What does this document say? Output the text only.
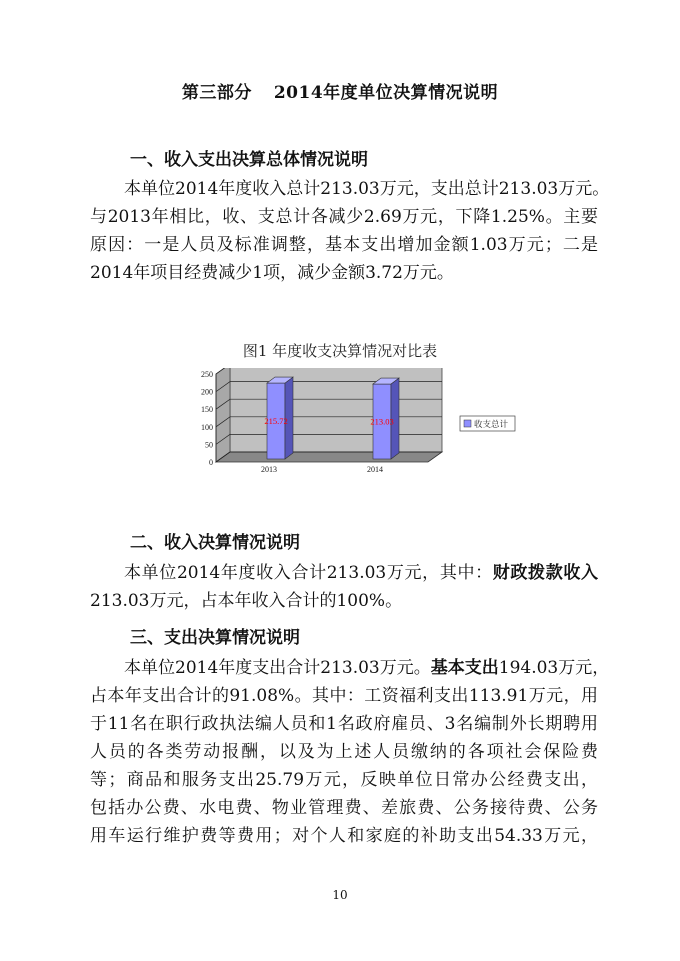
第三部分 2014年度单位决算情况说明
一、收入支出决算总体情况说明
本单位2014年度收入总计213.03万元，支出总计213.03万元。
与2013年相比，收、支总计各减少2.69万元，下降1.25%。主要
原因：一是人员及标准调整，基本支出增加金额1.03万元；二是
2014年项目经费减少1项，减少金额3.72万元。
图1 年度收支决算情况对比表
0
50
100
150
200
250
215.72
2013
213.03
2014
收支总计
二、收入决算情况说明
本单位2014年度收入合计213.03万元，其中：财政拨款收入
213.03万元，占本年收入合计的100%。
三、支出决算情况说明
本单位2014年度支出合计213.03万元。基本支出194.03万元，
占本年支出合计的91.08%。其中：工资福利支出113.91万元，用
于11名在职行政执法编人员和1名政府雇员、3名编制外长期聘用
人员的各类劳动报酬，以及为上述人员缴纳的各项社会保险费
等；商品和服务支出25.79万元，反映单位日常办公经费支出，
包括办公费、水电费、物业管理费、差旅费、公务接待费、公务
用车运行维护费等费用；对个人和家庭的补助支出54.33万元，
10
